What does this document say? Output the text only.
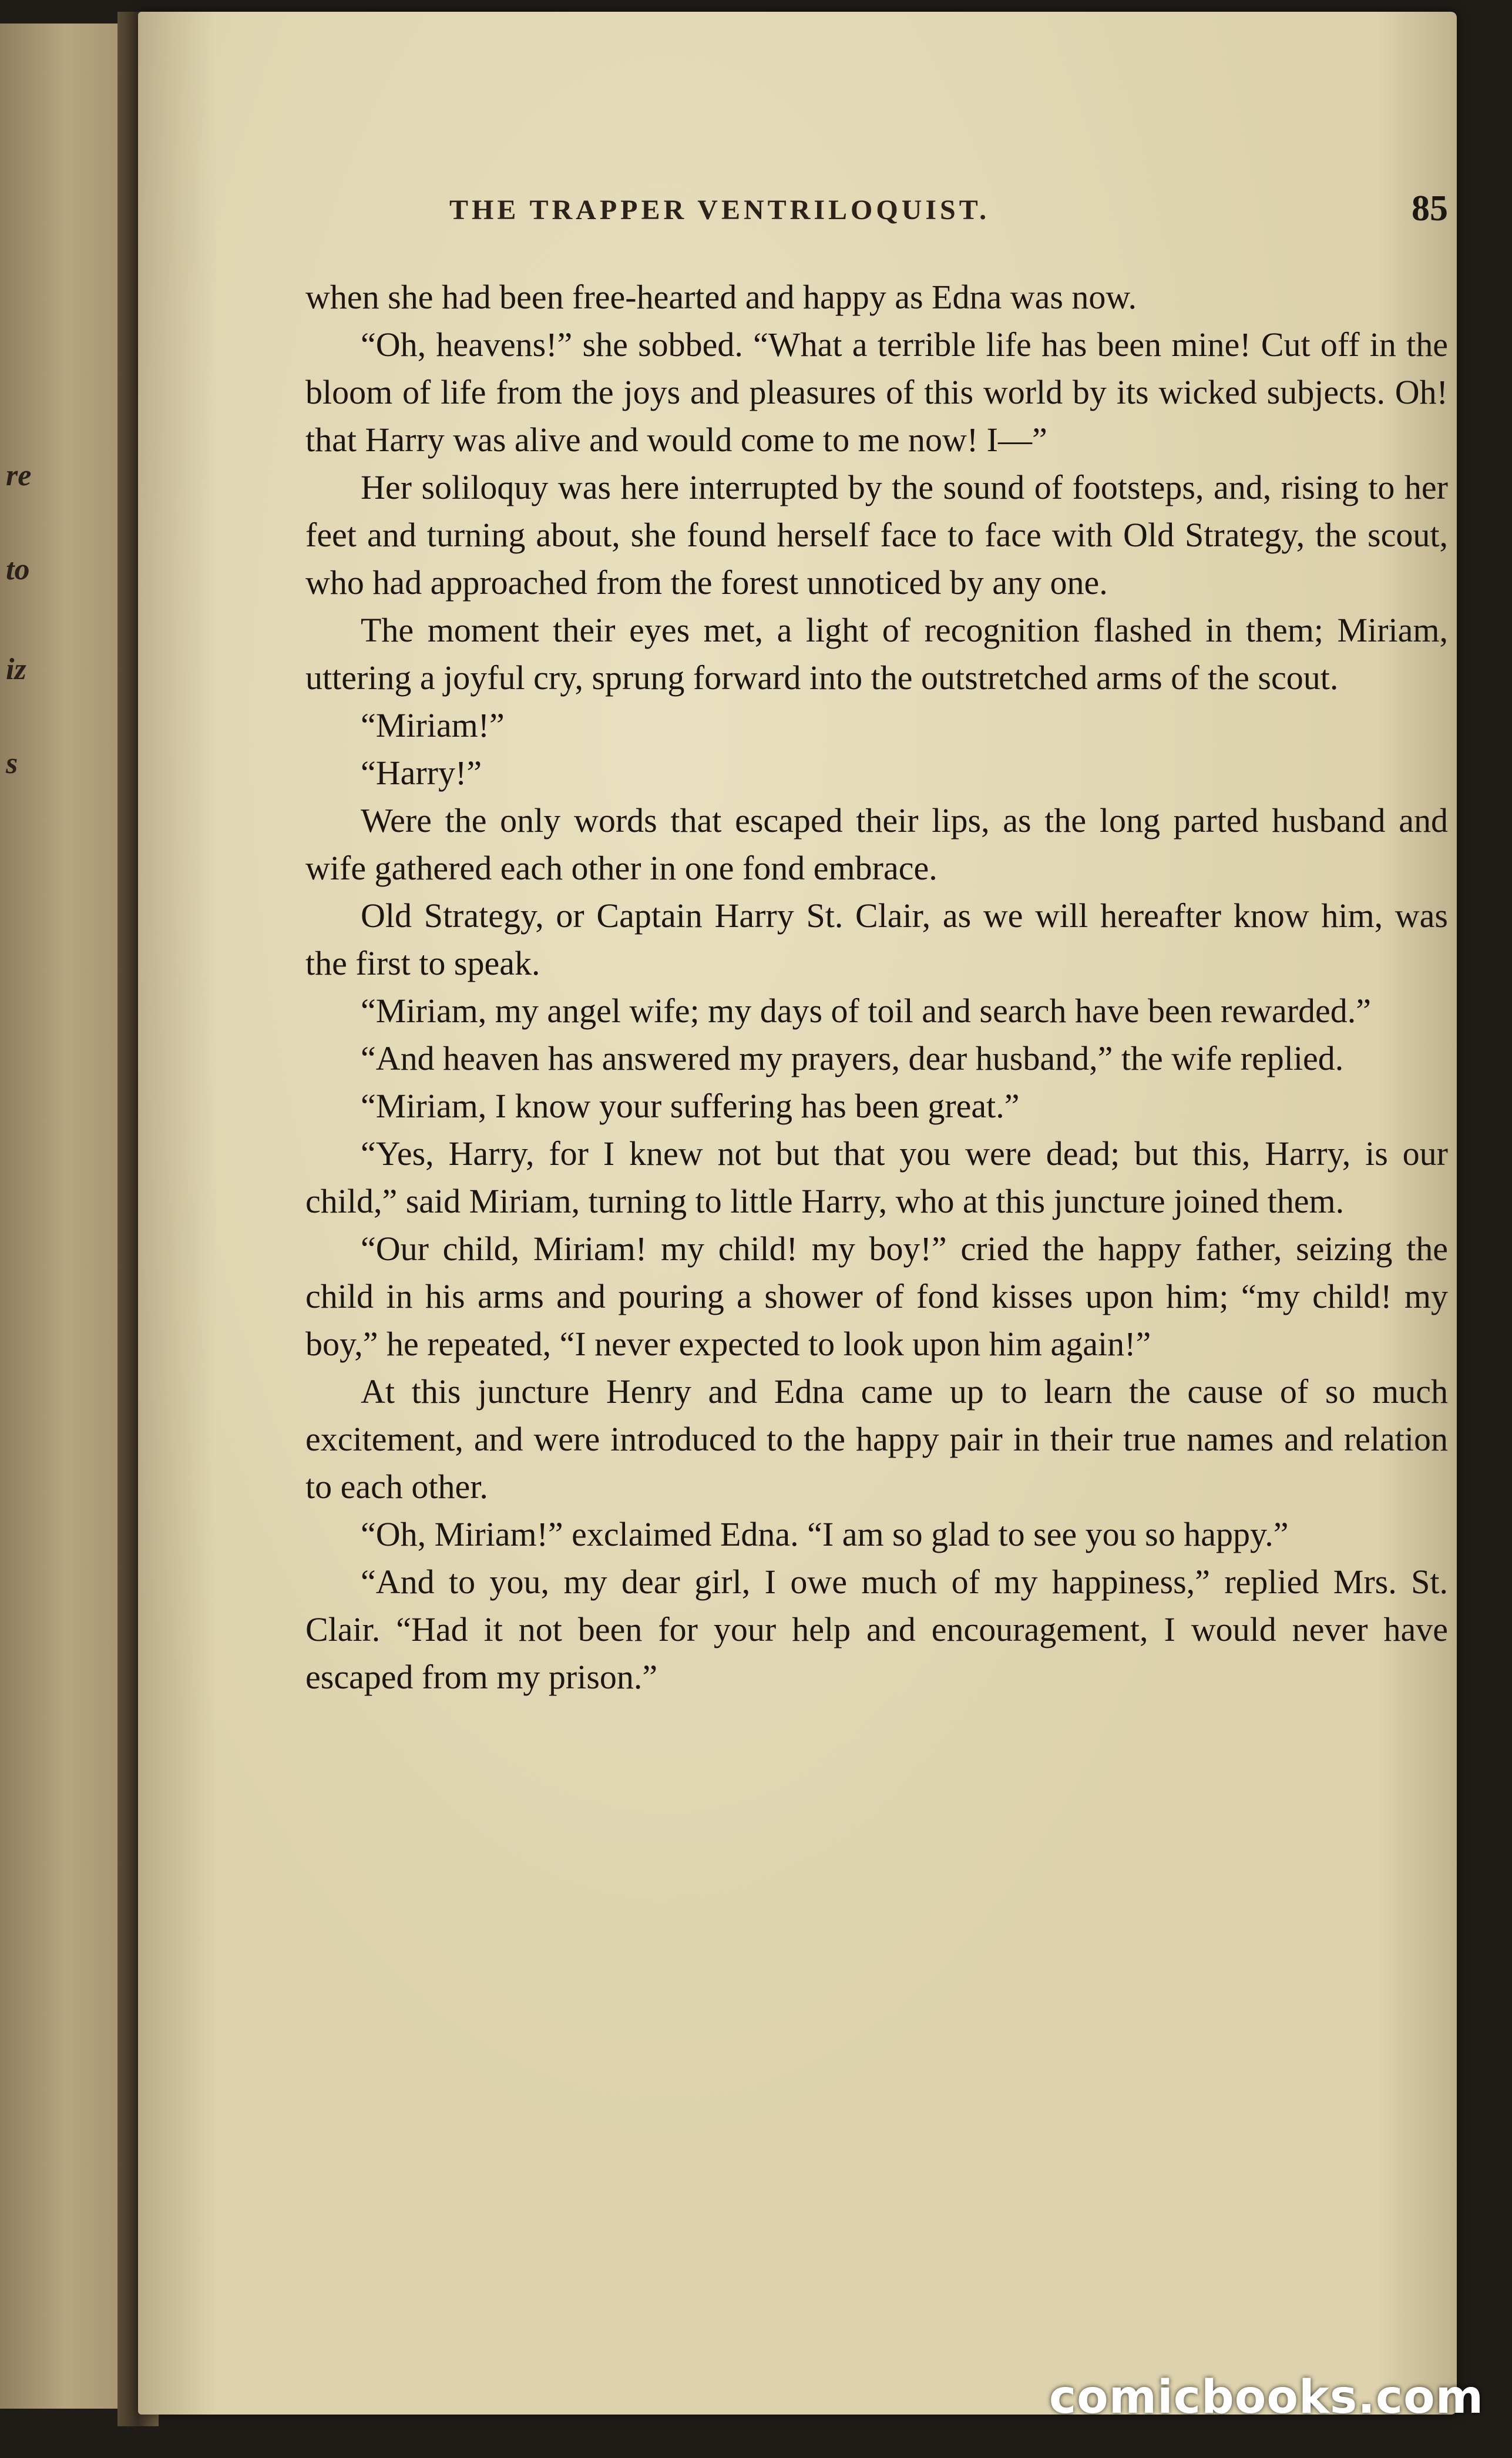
re
to
iz
s
THE TRAPPER VENTRILOQUIST.	85

when she had been free-hearted and happy as Edna was now.

“Oh, heavens!” she sobbed. “What a terrible life has been mine! Cut off in the bloom of life from the joys and pleasures of this world by its wicked subjects. Oh! that Harry was alive and would come to me now! I—”

Her soliloquy was here interrupted by the sound of footsteps, and, rising to her feet and turning about, she found herself face to face with Old Strategy, the scout, who had approached from the forest unnoticed by any one.

The moment their eyes met, a light of recognition flashed in them; Miriam, uttering a joyful cry, sprung forward into the outstretched arms of the scout.

“Miriam!”

“Harry!”

Were the only words that escaped their lips, as the long parted husband and wife gathered each other in one fond embrace.

Old Strategy, or Captain Harry St. Clair, as we will hereafter know him, was the first to speak.

“Miriam, my angel wife; my days of toil and search have been rewarded.”

“And heaven has answered my prayers, dear husband,” the wife replied.

“Miriam, I know your suffering has been great.”

“Yes, Harry, for I knew not but that you were dead; but this, Harry, is our child,” said Miriam, turning to little Harry, who at this juncture joined them.

“Our child, Miriam! my child! my boy!” cried the happy father, seizing the child in his arms and pouring a shower of fond kisses upon him; “my child! my boy,” he repeated, “I never expected to look upon him again!”

At this juncture Henry and Edna came up to learn the cause of so much excitement, and were introduced to the happy pair in their true names and relation to each other.

“Oh, Miriam!” exclaimed Edna. “I am so glad to see you so happy.”

“And to you, my dear girl, I owe much of my happiness,” replied Mrs. St. Clair. “Had it not been for your help and encouragement, I would never have escaped from my prison.”

comicbooks.com
